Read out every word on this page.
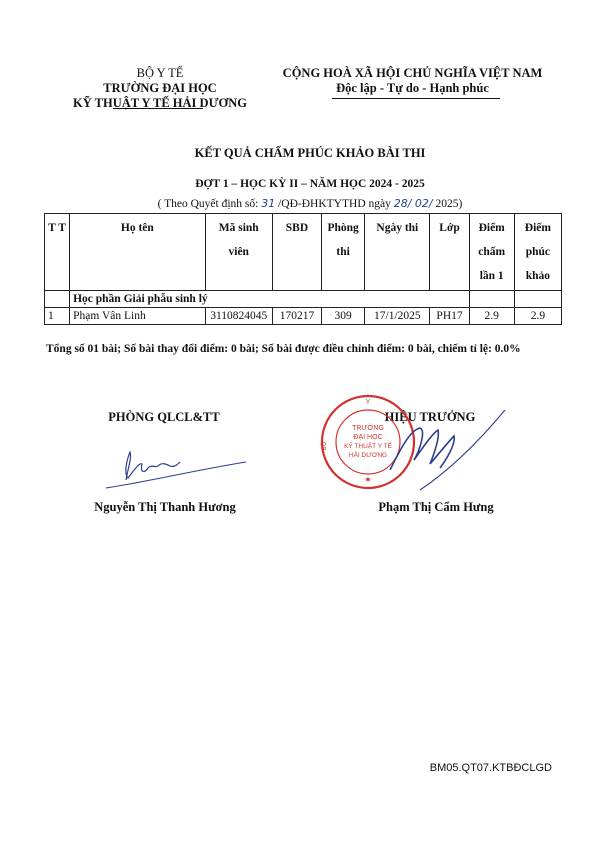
BỘ Y TẾ
TRƯỜNG ĐẠI HỌC
KỸ THUẬT Y TẾ HẢI DƯƠNG
CỘNG HOÀ XÃ HỘI CHỦ NGHĨA VIỆT NAM
Độc lập - Tự do - Hạnh phúc
KẾT QUẢ CHẤM PHÚC KHẢO BÀI THI
ĐỢT 1 – HỌC KỲ II – NĂM HỌC 2024 - 2025
( Theo Quyết định số: 31 /QĐ-ĐHKTYTHD ngày 28/ 02/ 2025)
T T	Họ tên	Mã sinh viên	SBD	Phòng thi	Ngày thi	Lớp	Điểm chấm lần 1	Điểm phúc khảo
	Học phần Giải phẫu sinh lý							
1	Phạm Vân Linh	3110824045	170217	309	17/1/2025	PH17	2.9	2.9
Tổng số 01 bài; Số bài thay đổi điểm: 0 bài; Số bài được điều chỉnh điểm: 0 bài, chiếm tỉ lệ: 0.0%
PHÒNG QLCL&TT
Nguyễn Thị Thanh Hương
HIỆU TRƯỞNG
Y
BỘ
TRƯỜNG
ĐẠI HỌC
KỸ THUẬT Y TẾ
HẢI DƯƠNG
★
Phạm Thị Cẩm Hưng
BM05.QT07.KTBĐCLGD
